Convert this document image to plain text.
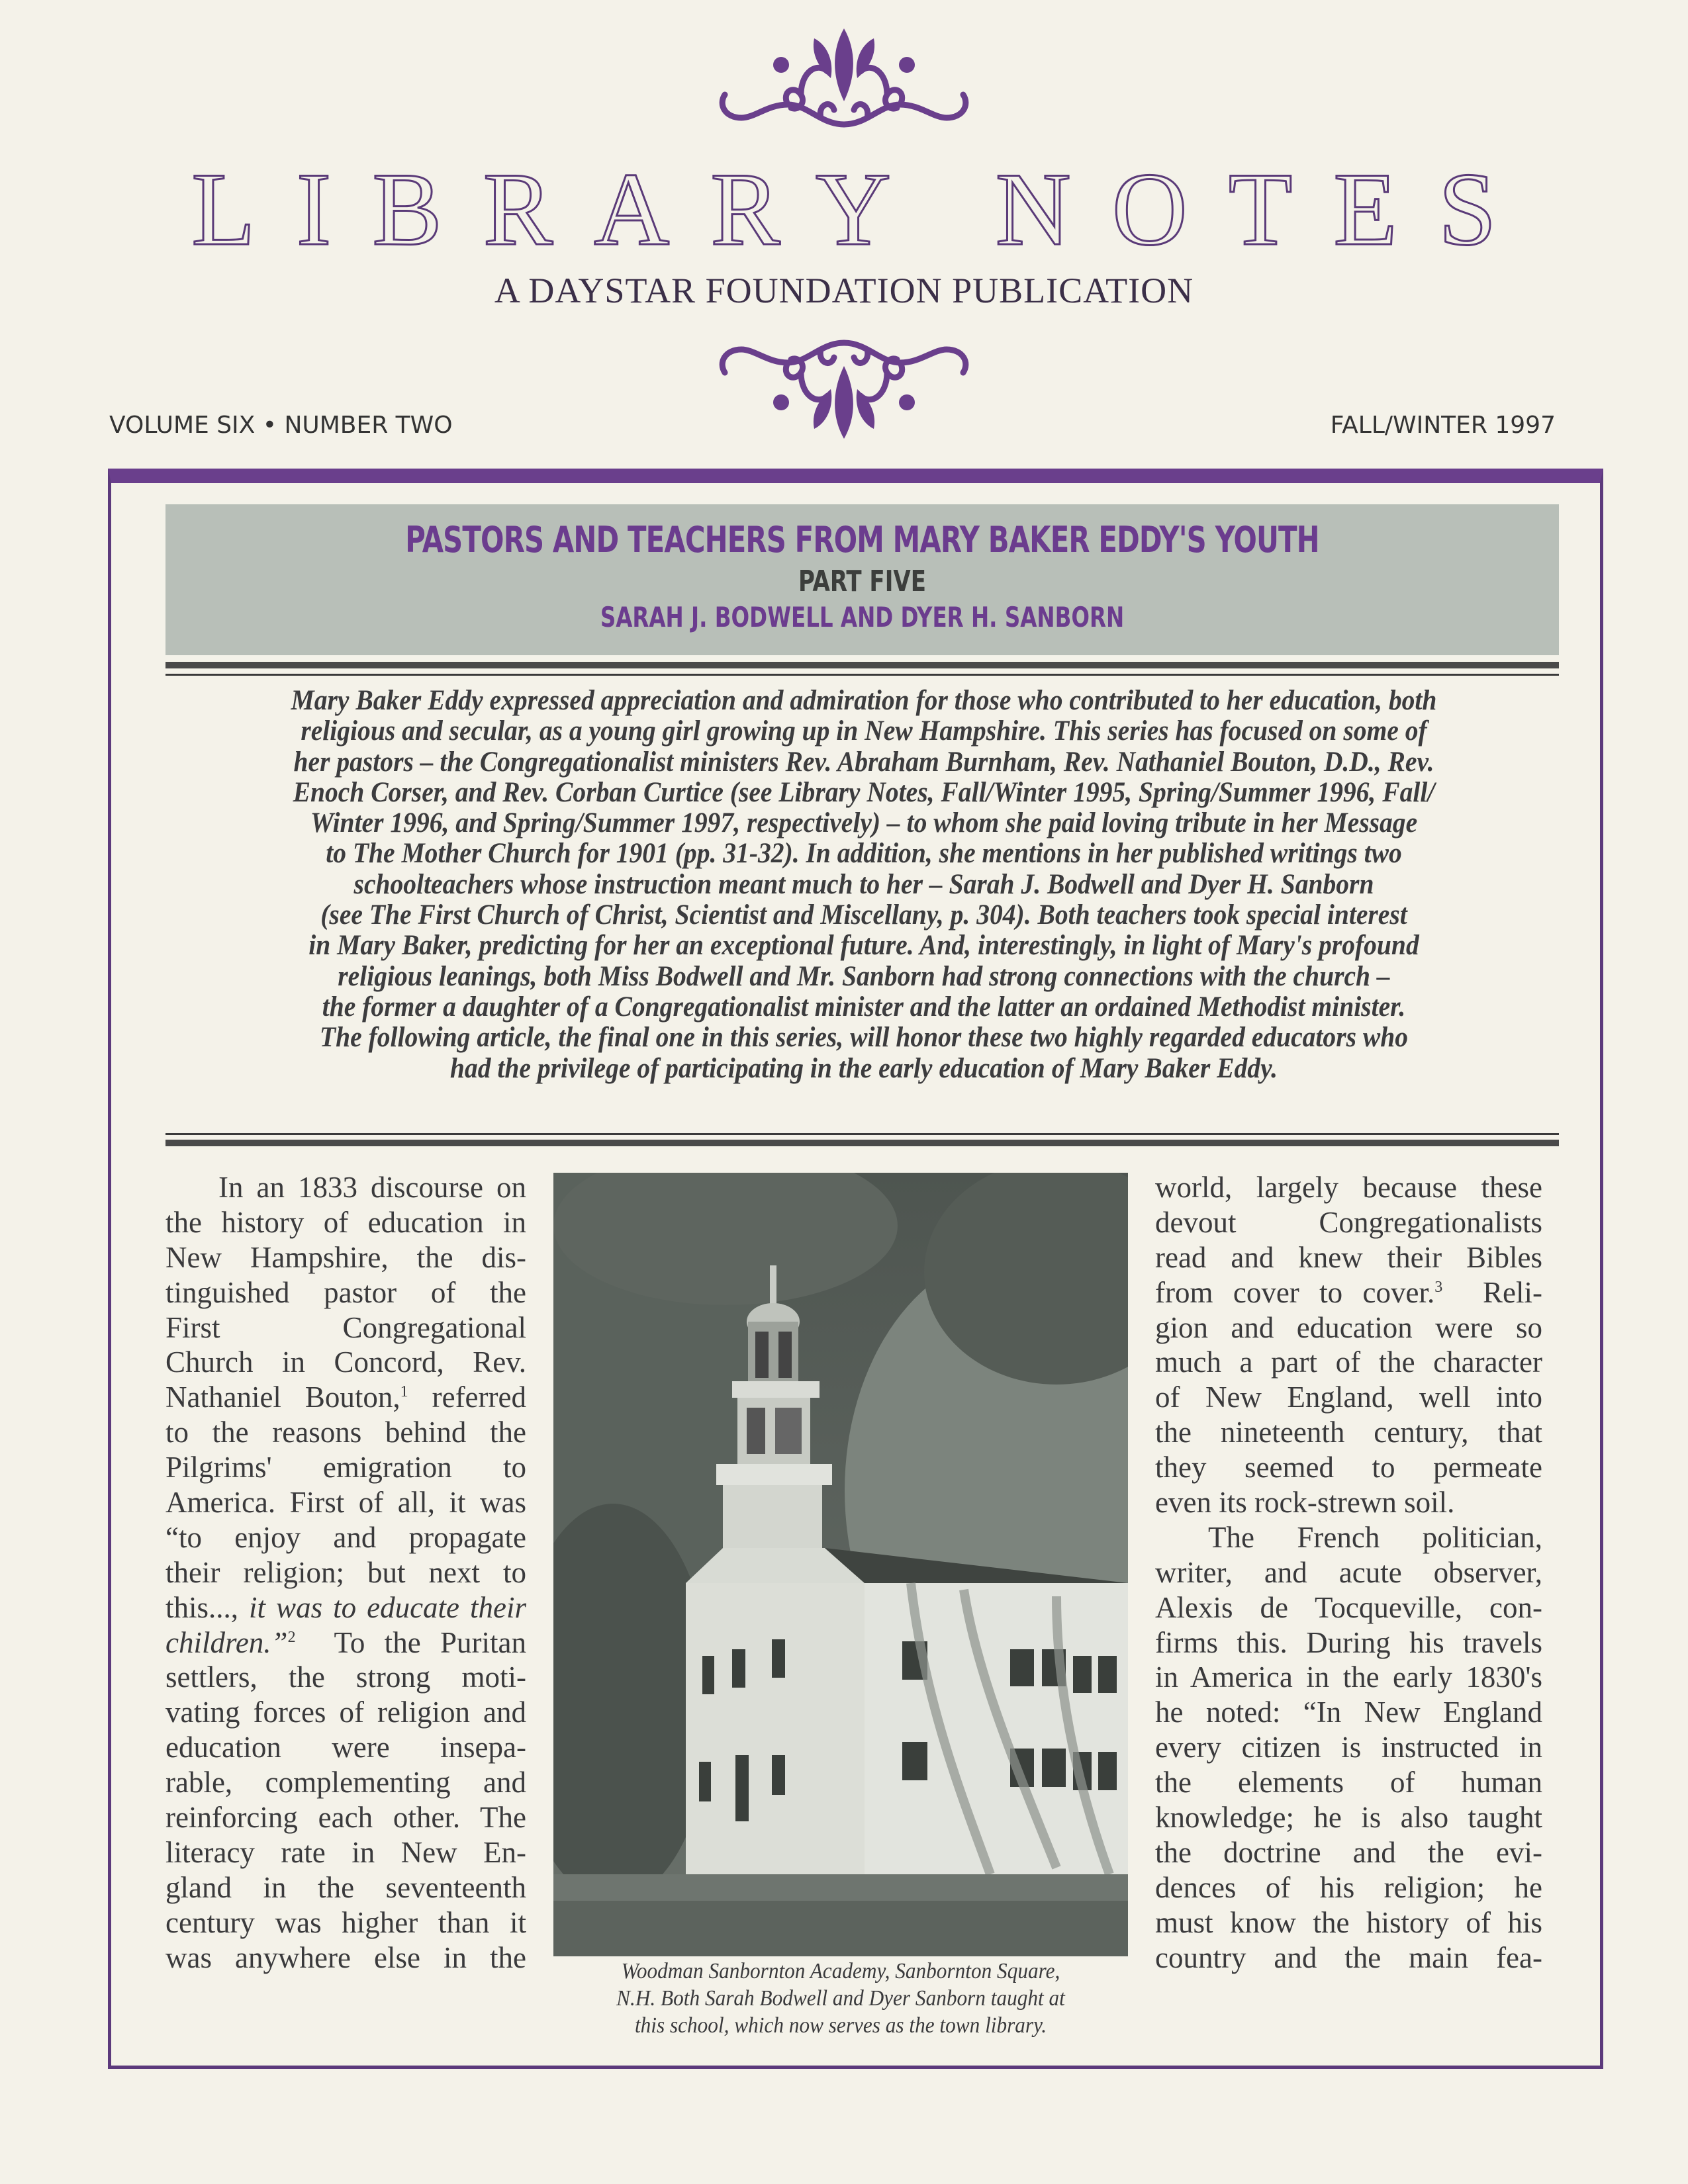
LIBRARY NOTES
A DAYSTAR FOUNDATION PUBLICATION
VOLUME SIX • NUMBER TWO	FALL/WINTER 1997
PASTORS AND TEACHERS FROM MARY BAKER EDDY'S YOUTH
PART FIVE
SARAH J. BODWELL AND DYER H. SANBORN
Mary Baker Eddy expressed appreciation and admiration for those who contributed to her education, both
religious and secular, as a young girl growing up in New Hampshire. This series has focused on some of
her pastors – the Congregationalist ministers Rev. Abraham Burnham, Rev. Nathaniel Bouton, D.D., Rev.
Enoch Corser, and Rev. Corban Curtice (see Library Notes, Fall/Winter 1995, Spring/Summer 1996, Fall/
Winter 1996, and Spring/Summer 1997, respectively) – to whom she paid loving tribute in her Message
to The Mother Church for 1901 (pp. 31-32). In addition, she mentions in her published writings two
schoolteachers whose instruction meant much to her – Sarah J. Bodwell and Dyer H. Sanborn
(see The First Church of Christ, Scientist and Miscellany, p. 304). Both teachers took special interest
in Mary Baker, predicting for her an exceptional future. And, interestingly, in light of Mary's profound
religious leanings, both Miss Bodwell and Mr. Sanborn had strong connections with the church –
the former a daughter of a Congregationalist minister and the latter an ordained Methodist minister.
The following article, the final one in this series, will honor these two highly regarded educators who
had the privilege of participating in the early education of Mary Baker Eddy.
In an 1833 discourse on
the history of education in
New Hampshire, the dis-
tinguished pastor of the
First Congregational
Church in Concord, Rev.
Nathaniel Bouton,$^1$ referred
to the reasons behind the
Pilgrims' emigration to
America. First of all, it was
“to enjoy and propagate
their religion; but next to
this..., it was to educate their
children.”$^2$ To the Puritan
settlers, the strong moti-
vating forces of religion and
education were insepa-
rable, complementing and
reinforcing each other. The
literacy rate in New En-
gland in the seventeenth
century was higher than it
was anywhere else in the	Woodman Sanbornton Academy, Sanbornton Square,
N.H. Both Sarah Bodwell and Dyer Sanborn taught at
this school, which now serves as the town library.
world, largely because these
devout Congregationalists
read and knew their Bibles
from cover to cover.$^3$ Reli-
gion and education were so
much a part of the character
of New England, well into
the nineteenth century, that
they seemed to permeate
even its rock-strewn soil.
The French politician,
writer, and acute observer,
Alexis de Tocqueville, con-
firms this. During his travels
in America in the early 1830's
he noted: “In New England
every citizen is instructed in
the elements of human
knowledge; he is also taught
the doctrine and the evi-
dences of his religion; he
must know the history of his
country and the main fea-
